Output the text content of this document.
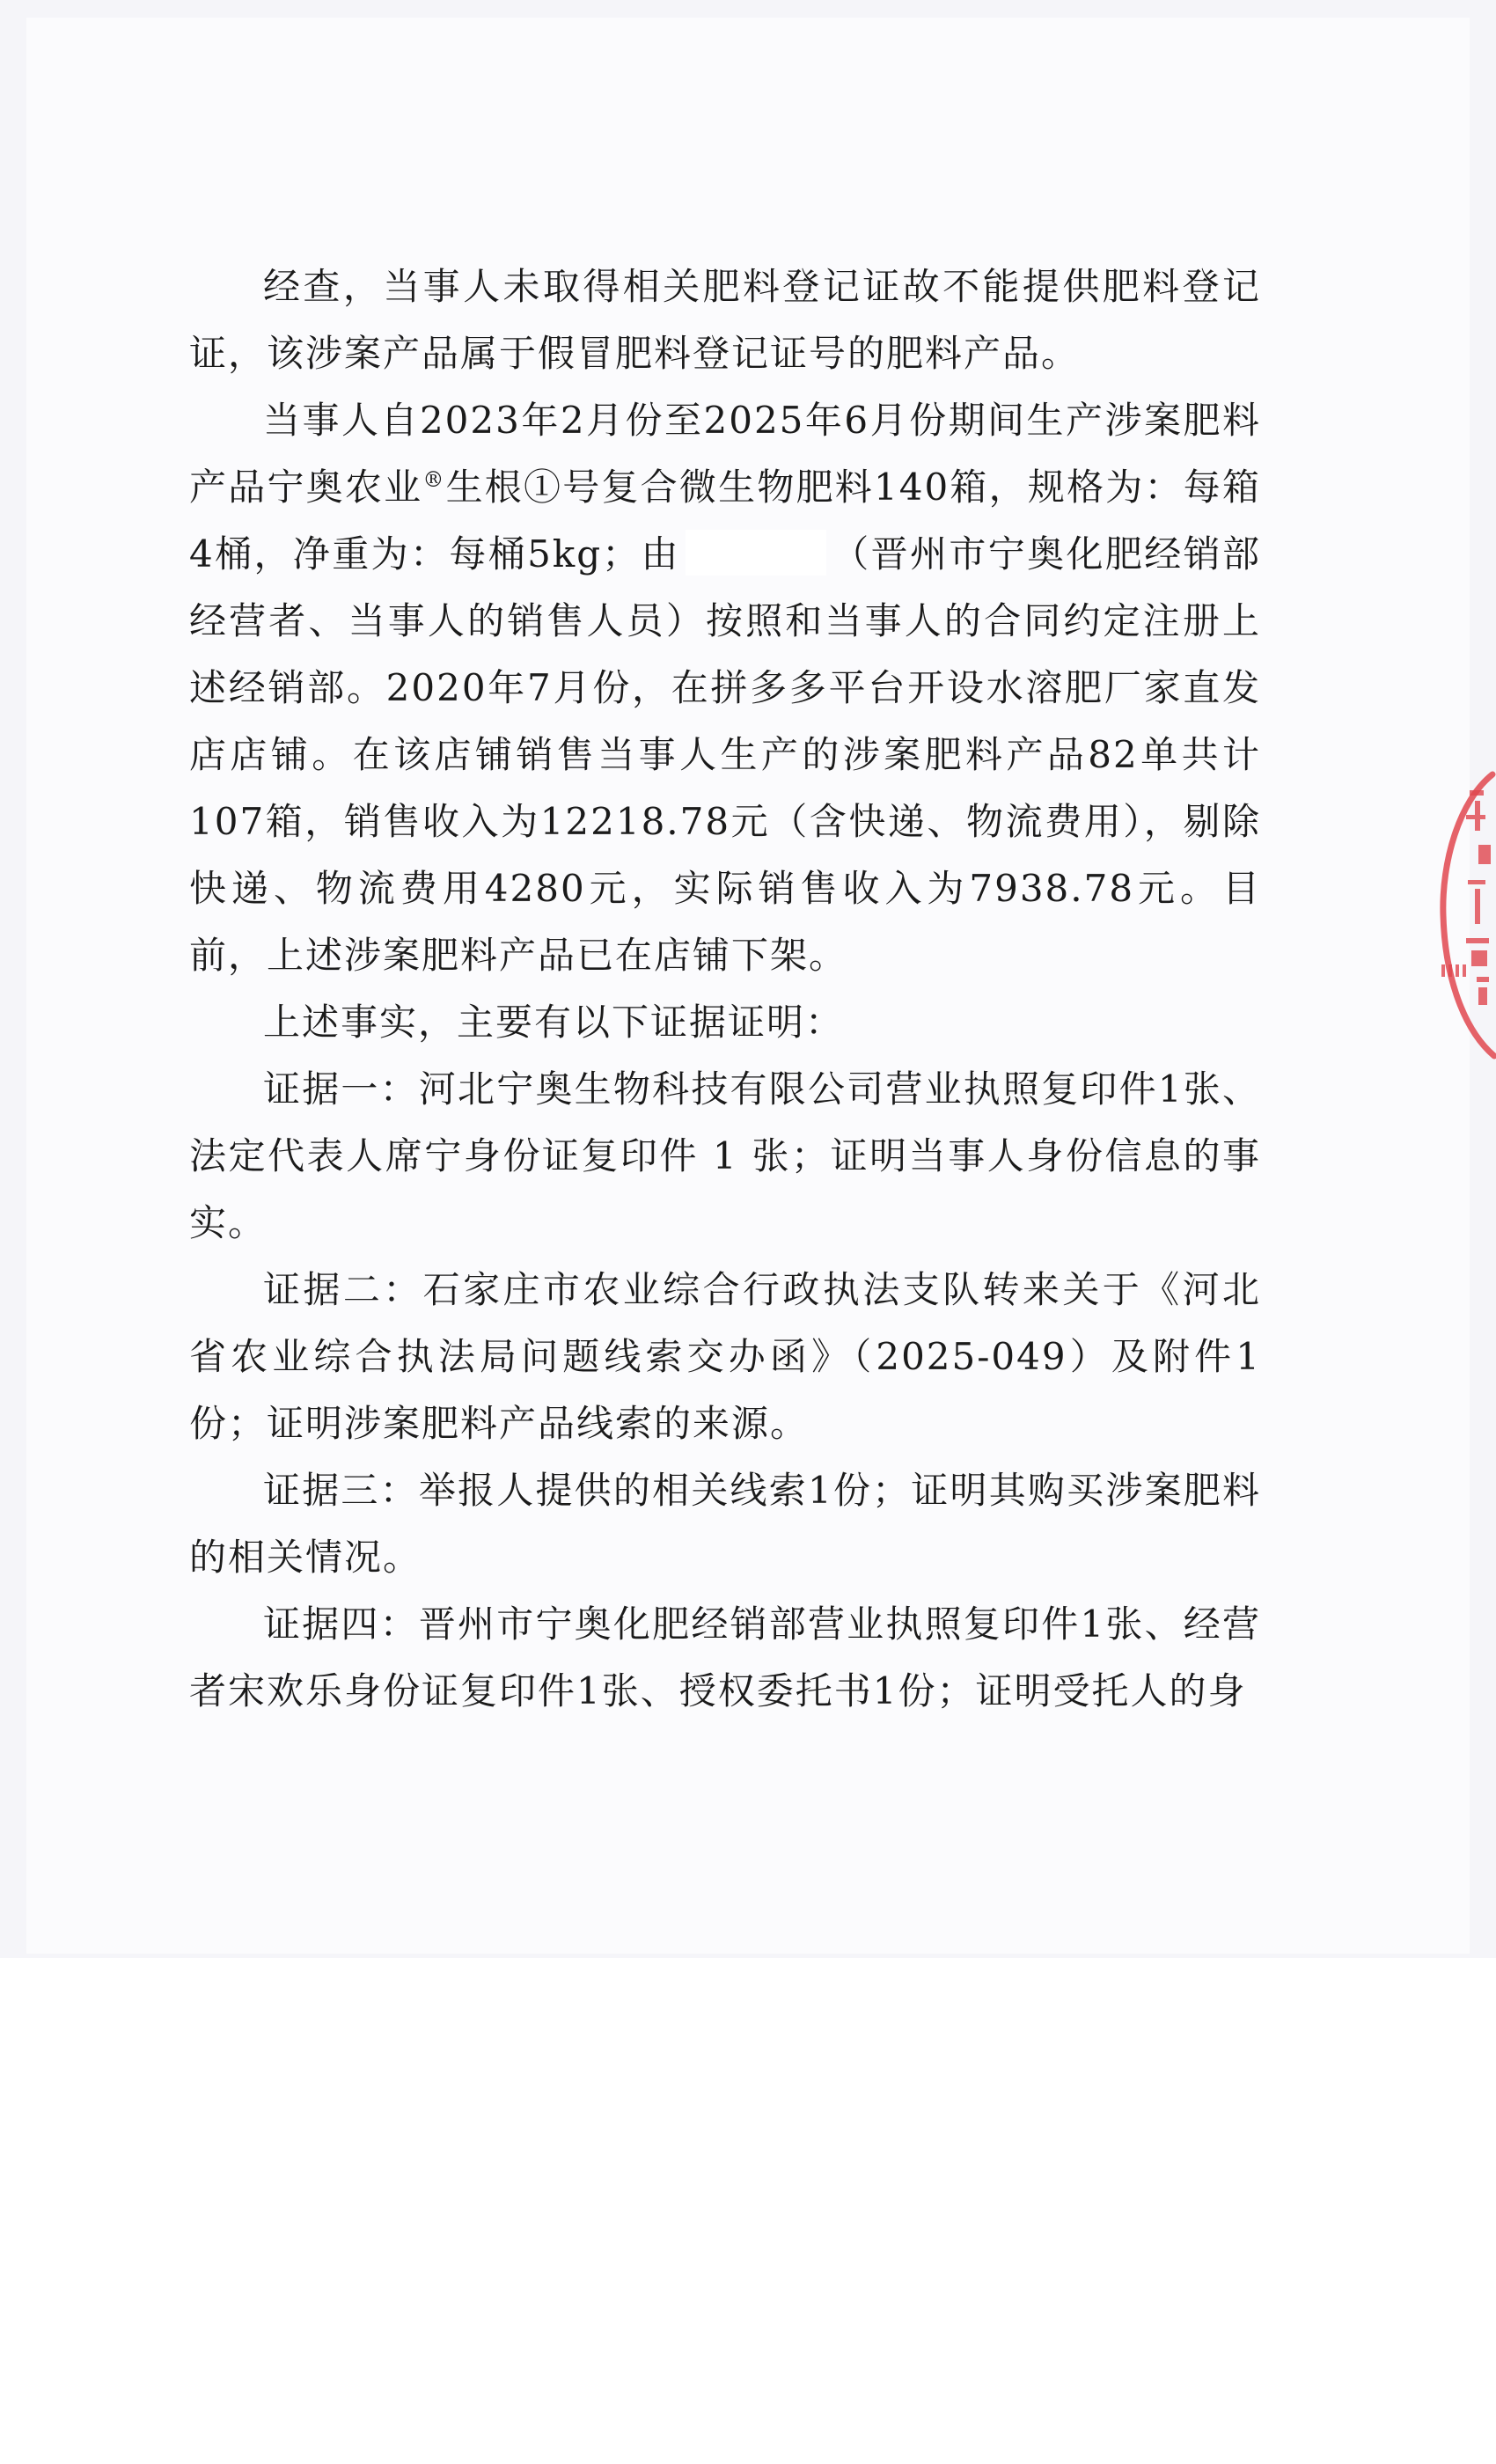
经查，当事人未取得相关肥料登记证故不能提供肥料登记证，该涉案产品属于假冒肥料登记证号的肥料产品。

当事人自2023年2月份至2025年6月份期间生产涉案肥料产品宁奥农业®生根①号复合微生物肥料140箱，规格为：每箱4桶，净重为：每桶5kg；由	（晋州市宁奥化肥经销部经营者、当事人的销售人员）按照和当事人的合同约定注册上述经销部。2020年7月份，在拼多多平台开设水溶肥厂家直发店店铺。在该店铺销售当事人生产的涉案肥料产品82单共计107箱，销售收入为12218.78元（含快递、物流费用），剔除快递、物流费用4280元，实际销售收入为7938.78元。目前，上述涉案肥料产品已在店铺下架。

上述事实，主要有以下证据证明：

证据一：河北宁奥生物科技有限公司营业执照复印件1张、法定代表人席宁身份证复印件 1 张；证明当事人身份信息的事实。

证据二：石家庄市农业综合行政执法支队转来关于《河北省农业综合执法局问题线索交办函》（2025-049）及附件1份；证明涉案肥料产品线索的来源。

证据三：举报人提供的相关线索1份；证明其购买涉案肥料的相关情况。

证据四：晋州市宁奥化肥经销部营业执照复印件1张、经营者宋欢乐身份证复印件1张、授权委托书1份；证明受托人的身
